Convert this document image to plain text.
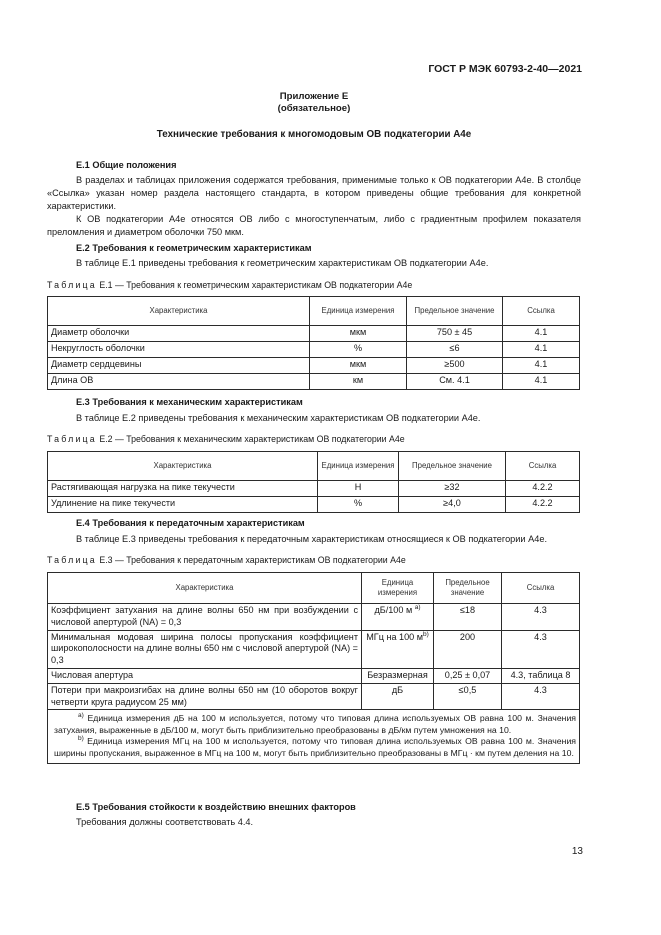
ГОСТ Р МЭК 60793-2-40—2021
Приложение Е
(обязательное)
Технические требования к многомодовым ОВ подкатегории A4e
Е.1 Общие положения
В разделах и таблицах приложения содержатся требования, применимые только к ОВ подкатегории A4e. В столбце «Ссылка» указан номер раздела настоящего стандарта, в котором приведены общие требования для конкретной характеристики.
К ОВ подкатегории A4e относятся ОВ либо с многоступенчатым, либо с градиентным профилем показателя преломления и диаметром оболочки 750 мкм.
Е.2 Требования к геометрическим характеристикам
В таблице Е.1 приведены требования к геометрическим характеристикам ОВ подкатегории A4e.
Таблица Е.1 — Требования к геометрическим характеристикам ОВ подкатегории A4e
Характеристика	Единица измерения	Предельное значение	Ссылка
Диаметр оболочки	мкм	750 ± 45	4.1
Некруглость оболочки	%	≤6	4.1
Диаметр сердцевины	мкм	≥500	4.1
Длина ОВ	км	См. 4.1	4.1
Е.3 Требования к механическим характеристикам
В таблице Е.2 приведены требования к механическим характеристикам ОВ подкатегории A4e.
Таблица Е.2 — Требования к механическим характеристикам ОВ подкатегории A4e
Характеристика	Единица измерения	Предельное значение	Ссылка
Растягивающая нагрузка на пике текучести	Н	≥32	4.2.2
Удлинение на пике текучести	%	≥4,0	4.2.2
Е.4 Требования к передаточным характеристикам
В таблице Е.3 приведены требования к передаточным характеристикам относящиеся к ОВ подкатегории A4e.
Таблица Е.3 — Требования к передаточным характеристикам ОВ подкатегории A4e
Характеристика	Единица измерения	Предельное значение	Ссылка
Коэффициент затухания на длине волны 650 нм при возбуждении с числовой апертурой (NA) = 0,3	дБ/100 м $^{a)}$	≤18	4.3
Минимальная модовая ширина полосы пропускания коэффициент широкополосности на длине волны 650 нм с числовой апертурой (NA) = 0,3	МГц на 100 $м^{b)}$	200	4.3
Числовая апертура	Безразмерная	0,25 ± 0,07	4.3, таблица 8
Потери при макроизгибах на длине волны 650 нм (10 оборотов вокруг четверти круга радиусом 25 мм)	дБ	≤0,5	4.3

$^{a)}$ Единица измерения дБ на 100 м используется, потому что типовая длина используемых ОВ равна 100 м. Значения затухания, выраженные в дБ/100 м, могут быть приблизительно преобразованы в дБ/км путем умножения на 10.
$^{b)}$ Единица измерения МГц на 100 м используется, потому что типовая длина используемых ОВ равна 100 м. Значения ширины пропускания, выраженное в МГц на 100 м, могут быть приблизительно преобразованы в МГц · км путем деления на 10.			
Е.5 Требования стойкости к воздействию внешних факторов
Требования должны соответствовать 4.4.
13
